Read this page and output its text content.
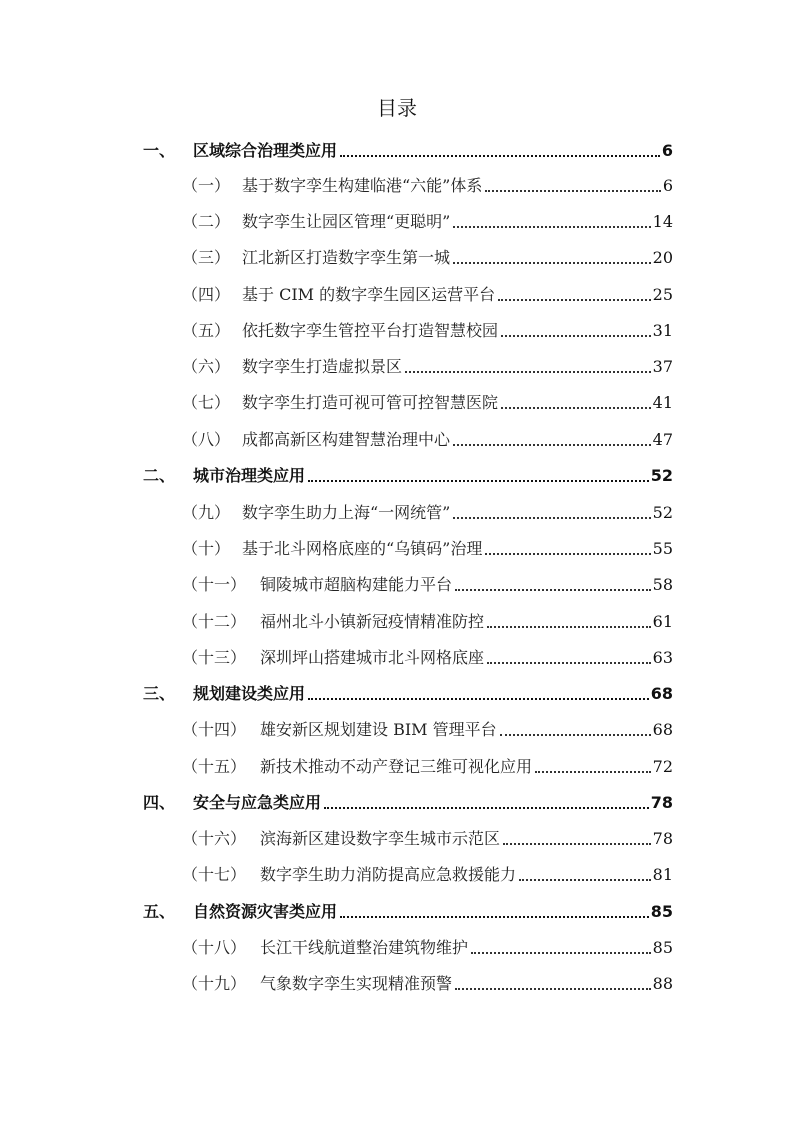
目录
一、 区域综合治理类应用	6
（一） 基于数字孪生构建临港“六能”体系	6
（二） 数字孪生让园区管理“更聪明”	14
（三） 江北新区打造数字孪生第一城	20
（四） 基于 CIM 的数字孪生园区运营平台	25
（五） 依托数字孪生管控平台打造智慧校园	31
（六） 数字孪生打造虚拟景区	37
（七） 数字孪生打造可视可管可控智慧医院	41
（八） 成都高新区构建智慧治理中心	47
二、 城市治理类应用	52
（九） 数字孪生助力上海“一网统管”	52
（十） 基于北斗网格底座的“乌镇码”治理	55
（十一） 铜陵城市超脑构建能力平台	58
（十二） 福州北斗小镇新冠疫情精准防控	61
（十三） 深圳坪山搭建城市北斗网格底座	63
三、 规划建设类应用	68
（十四） 雄安新区规划建设 BIM 管理平台	68
（十五） 新技术推动不动产登记三维可视化应用	72
四、 安全与应急类应用	78
（十六） 滨海新区建设数字孪生城市示范区	78
（十七） 数字孪生助力消防提高应急救援能力	81
五、 自然资源灾害类应用	85
（十八） 长江干线航道整治建筑物维护	85
（十九） 气象数字孪生实现精准预警	88
